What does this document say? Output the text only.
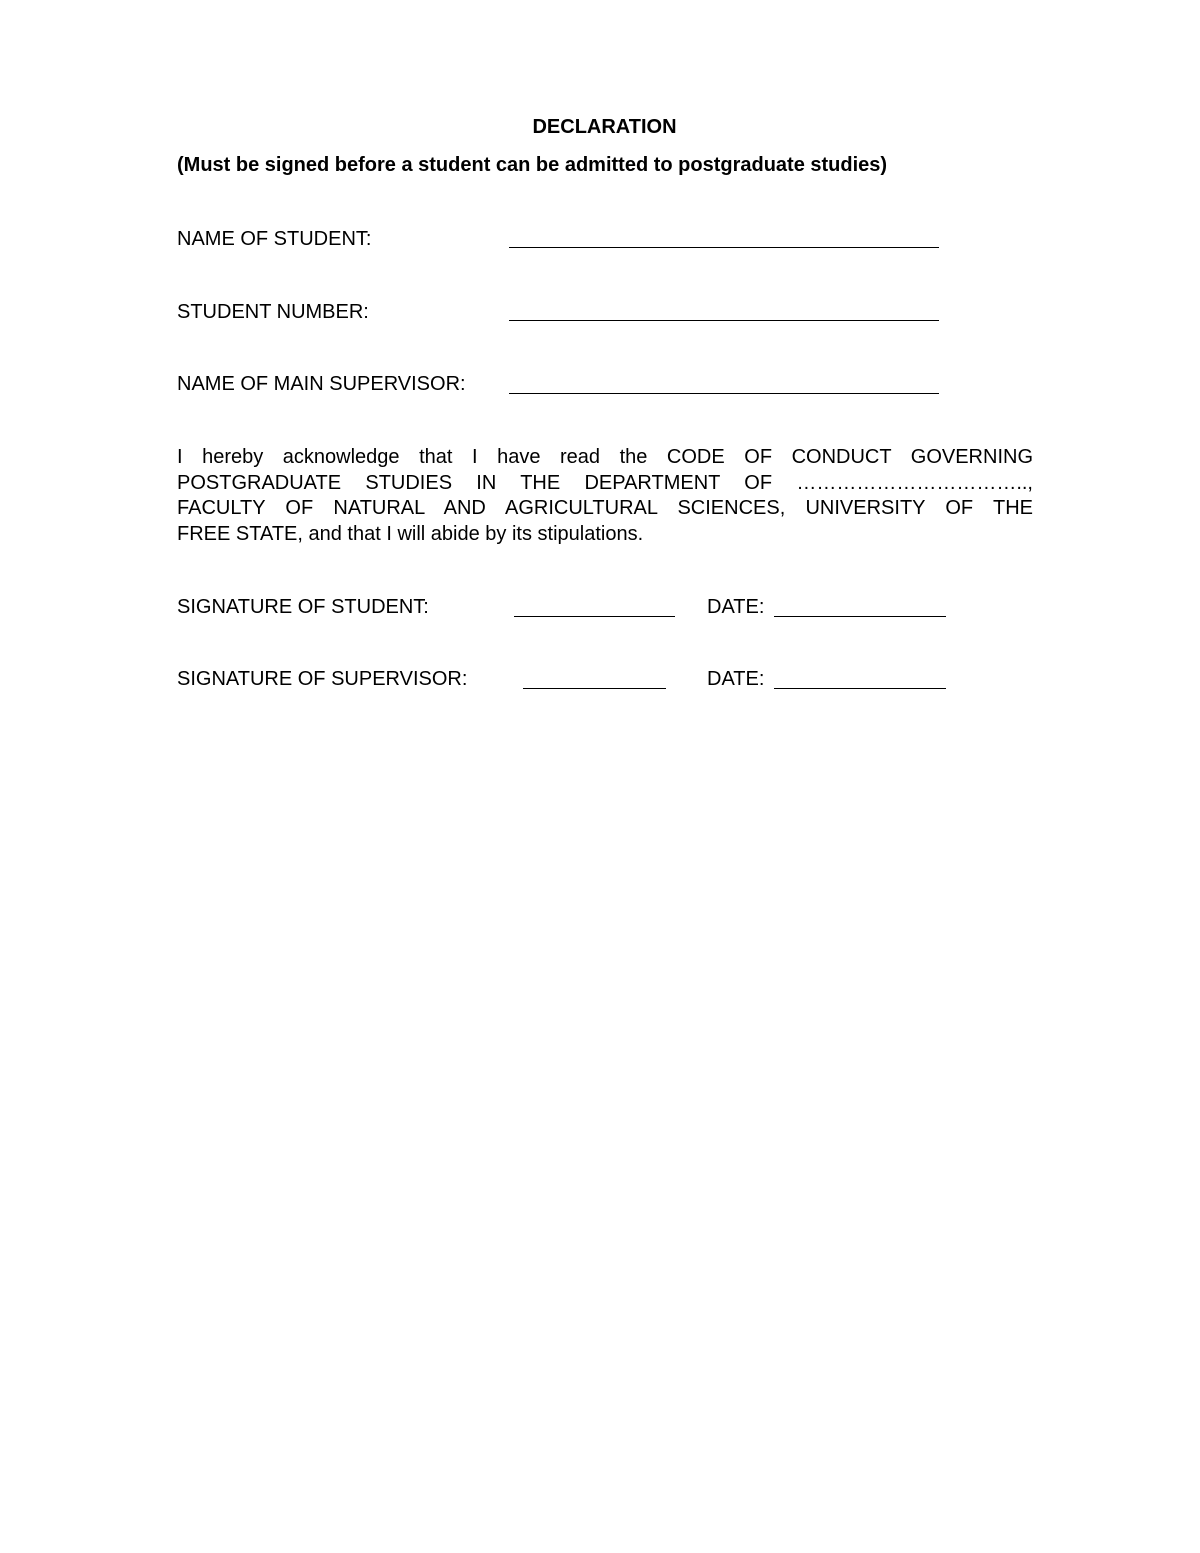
DECLARATION
(Must be signed before a student can be admitted to postgraduate studies)
NAME OF STUDENT:
STUDENT NUMBER:
NAME OF MAIN SUPERVISOR:
I hereby acknowledge that I have read the CODE OF CONDUCT GOVERNING
POSTGRADUATE STUDIES IN THE DEPARTMENT OF ……………………………..,
FACULTY OF NATURAL AND AGRICULTURAL SCIENCES, UNIVERSITY OF THE
FREE STATE, and that I will abide by its stipulations.
SIGNATURE OF STUDENT:	DATE:
SIGNATURE OF SUPERVISOR:	DATE:
